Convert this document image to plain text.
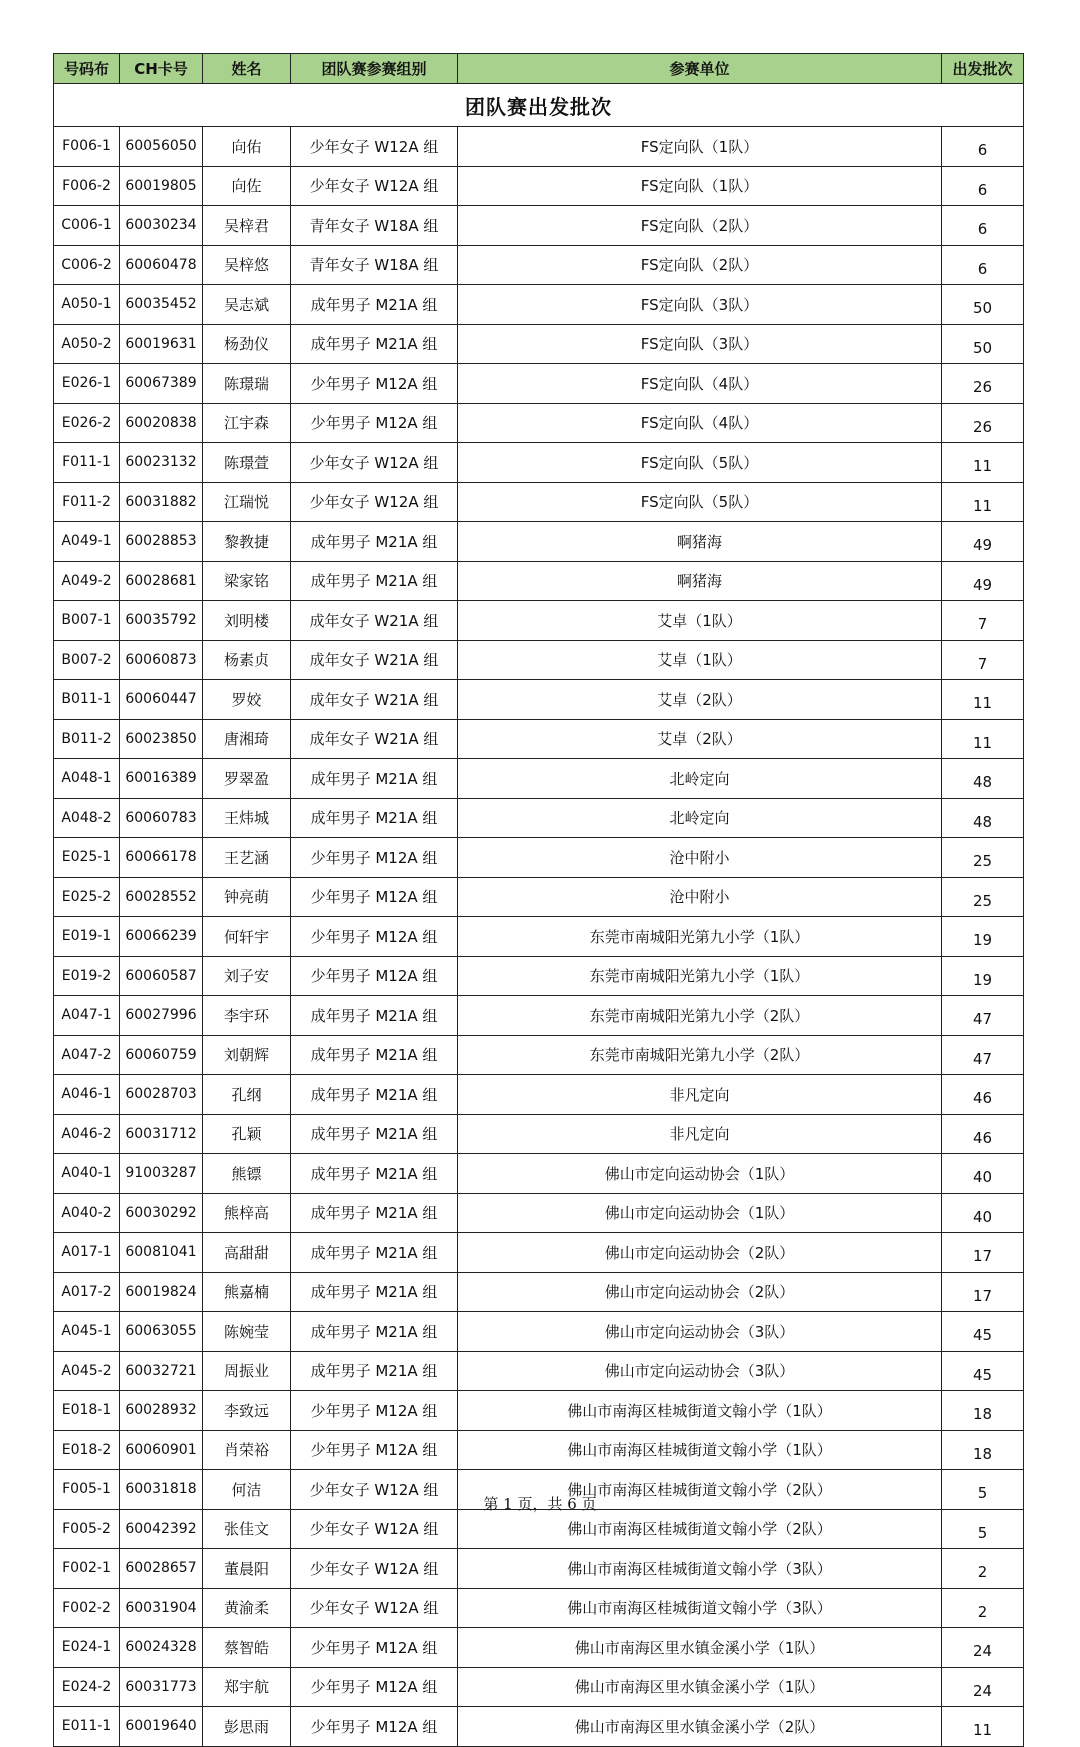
团队赛出发批次					
号码布	CH卡号	姓名	团队赛参赛组别	参赛单位	出发批次
F006-1	60056050	向佑	少年女子 W12A 组	FS定向队（1队）	6
F006-2	60019805	向佐	少年女子 W12A 组	FS定向队（1队）	6
C006-1	60030234	吴梓君	青年女子 W18A 组	FS定向队（2队）	6
C006-2	60060478	吴梓悠	青年女子 W18A 组	FS定向队（2队）	6
A050-1	60035452	吴志斌	成年男子 M21A 组	FS定向队（3队）	50
A050-2	60019631	杨劲仪	成年男子 M21A 组	FS定向队（3队）	50
E026-1	60067389	陈璟瑞	少年男子 M12A 组	FS定向队（4队）	26
E026-2	60020838	江宇森	少年男子 M12A 组	FS定向队（4队）	26
F011-1	60023132	陈璟萱	少年女子 W12A 组	FS定向队（5队）	11
F011-2	60031882	江瑞悦	少年女子 W12A 组	FS定向队（5队）	11
A049-1	60028853	黎教捷	成年男子 M21A 组	啊猪海	49
A049-2	60028681	梁家铭	成年男子 M21A 组	啊猪海	49
B007-1	60035792	刘明楼	成年女子 W21A 组	艾卓（1队）	7
B007-2	60060873	杨素贞	成年女子 W21A 组	艾卓（1队）	7
B011-1	60060447	罗姣	成年女子 W21A 组	艾卓（2队）	11
B011-2	60023850	唐湘琦	成年女子 W21A 组	艾卓（2队）	11
A048-1	60016389	罗翠盈	成年男子 M21A 组	北岭定向	48
A048-2	60060783	王炜城	成年男子 M21A 组	北岭定向	48
E025-1	60066178	王艺涵	少年男子 M12A 组	沧中附小	25
E025-2	60028552	钟亮萌	少年男子 M12A 组	沧中附小	25
E019-1	60066239	何轩宇	少年男子 M12A 组	东莞市南城阳光第九小学（1队）	19
E019-2	60060587	刘子安	少年男子 M12A 组	东莞市南城阳光第九小学（1队）	19
A047-1	60027996	李宇环	成年男子 M21A 组	东莞市南城阳光第九小学（2队）	47
A047-2	60060759	刘朝辉	成年男子 M21A 组	东莞市南城阳光第九小学（2队）	47
A046-1	60028703	孔纲	成年男子 M21A 组	非凡定向	46
A046-2	60031712	孔颖	成年男子 M21A 组	非凡定向	46
A040-1	91003287	熊镖	成年男子 M21A 组	佛山市定向运动协会（1队）	40
A040-2	60030292	熊梓高	成年男子 M21A 组	佛山市定向运动协会（1队）	40
A017-1	60081041	高甜甜	成年男子 M21A 组	佛山市定向运动协会（2队）	17
A017-2	60019824	熊嘉楠	成年男子 M21A 组	佛山市定向运动协会（2队）	17
A045-1	60063055	陈婉莹	成年男子 M21A 组	佛山市定向运动协会（3队）	45
A045-2	60032721	周振业	成年男子 M21A 组	佛山市定向运动协会（3队）	45
E018-1	60028932	李致远	少年男子 M12A 组	佛山市南海区桂城街道文翰小学（1队）	18
E018-2	60060901	肖荣裕	少年男子 M12A 组	佛山市南海区桂城街道文翰小学（1队）	18
F005-1	60031818	何洁	少年女子 W12A 组	佛山市南海区桂城街道文翰小学（2队）	5
F005-2	60042392	张佳文	少年女子 W12A 组	佛山市南海区桂城街道文翰小学（2队）	5
F002-1	60028657	董晨阳	少年女子 W12A 组	佛山市南海区桂城街道文翰小学（3队）	2
F002-2	60031904	黄渝柔	少年女子 W12A 组	佛山市南海区桂城街道文翰小学（3队）	2
E024-1	60024328	蔡智皓	少年男子 M12A 组	佛山市南海区里水镇金溪小学（1队）	24
E024-2	60031773	郑宇航	少年男子 M12A 组	佛山市南海区里水镇金溪小学（1队）	24
E011-1	60019640	彭思雨	少年男子 M12A 组	佛山市南海区里水镇金溪小学（2队）	11
第 1 页，共 6 页
